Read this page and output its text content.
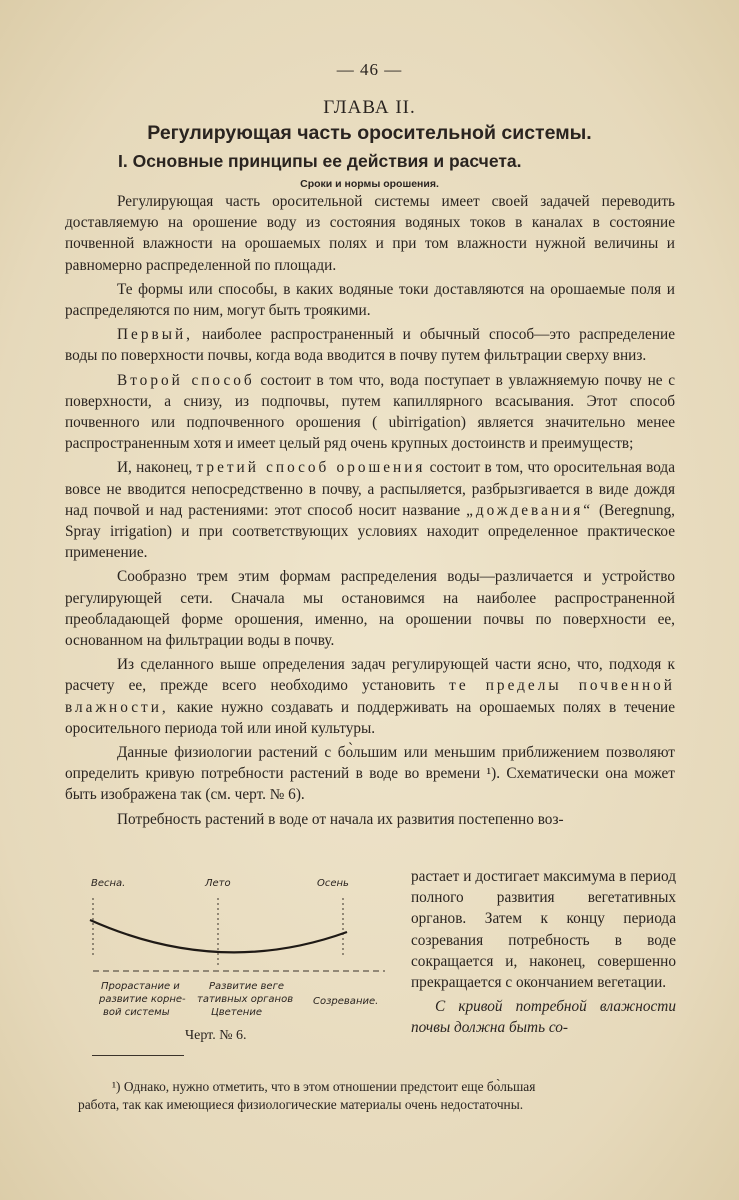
— 46 —
ГЛАВА II.
Регулирующая часть оросительной системы.
I. Основные принципы ее действия и расчета.
Сроки и нормы орошения.

Регулирующая часть оросительной системы имеет своей задачей переводить доставляемую на орошение воду из состояния водяных токов в каналах в состояние почвенной влажности на орошаемых полях и при том влажности нужной величины и равномерно распределенной по площади.

Те формы или способы, в каких водяные токи доставляются на орошаемые поля и распределяются по ним, могут быть троякими.

Первый, наиболее распространенный и обычный способ—это распределение воды по поверхности почвы, когда вода вводится в почву путем фильтрации сверху вниз.

Второй способ состоит в том что, вода поступает в увлажняемую почву не с поверхности, а снизу, из подпочвы, путем капиллярного всасывания. Этот способ почвенного или подпочвенного орошения ( ubirrigation) является значительно менее распространенным хотя и имеет целый ряд очень крупных достоинств и преимуществ;

И, наконец, третий способ орошения состоит в том, что оросительная вода вовсе не вводится непосредственно в почву, а распыляется, разбрызгивается в виде дождя над почвой и над растениями: этот способ носит название „дождевания“ (Beregnung, Spray irrigation) и при соответствующих условиях находит определенное практическое применение.

Сообразно трем этим формам распределения воды—различается и устройство регулирующей сети. Сначала мы остановимся на наиболее распространенной преобладающей форме орошения, именно, на орошении почвы по поверхности ее, основанном на фильтрации воды в почву.

Из сделанного выше определения задач регулирующей части ясно, что, подходя к расчету ее, прежде всего необходимо установить те пределы почвенной влажности, какие нужно создавать и поддерживать на орошаемых полях в течение оросительного периода той или иной культуры.

Данные физиологии растений с бо̀льшим или меньшим приближением позволяют определить кривую потребности растений в воде во времени ¹). Схематически она может быть изображена так (см. черт. № 6).

Потребность растений в воде от начала их развития постепенно воз-

Весна.	Лето	Осень
Прорастание и
развитие корне-
вой системы
Развитие веге
тативных органов
Цветение
Созревание.
Черт. № 6.

растает и достигает максимума в период полного развития вегетативных органов. Затем к концу периода созревания потребность в воде сокращается и, наконец, совершенно прекращается с окончанием вегетации.

С кривой потребной влажности почвы должна быть со-

¹) Однако, нужно отметить, что в этом отношении предстоит еще бо̀льшая
работа, так как имеющиеся физиологические материалы очень недостаточны.
